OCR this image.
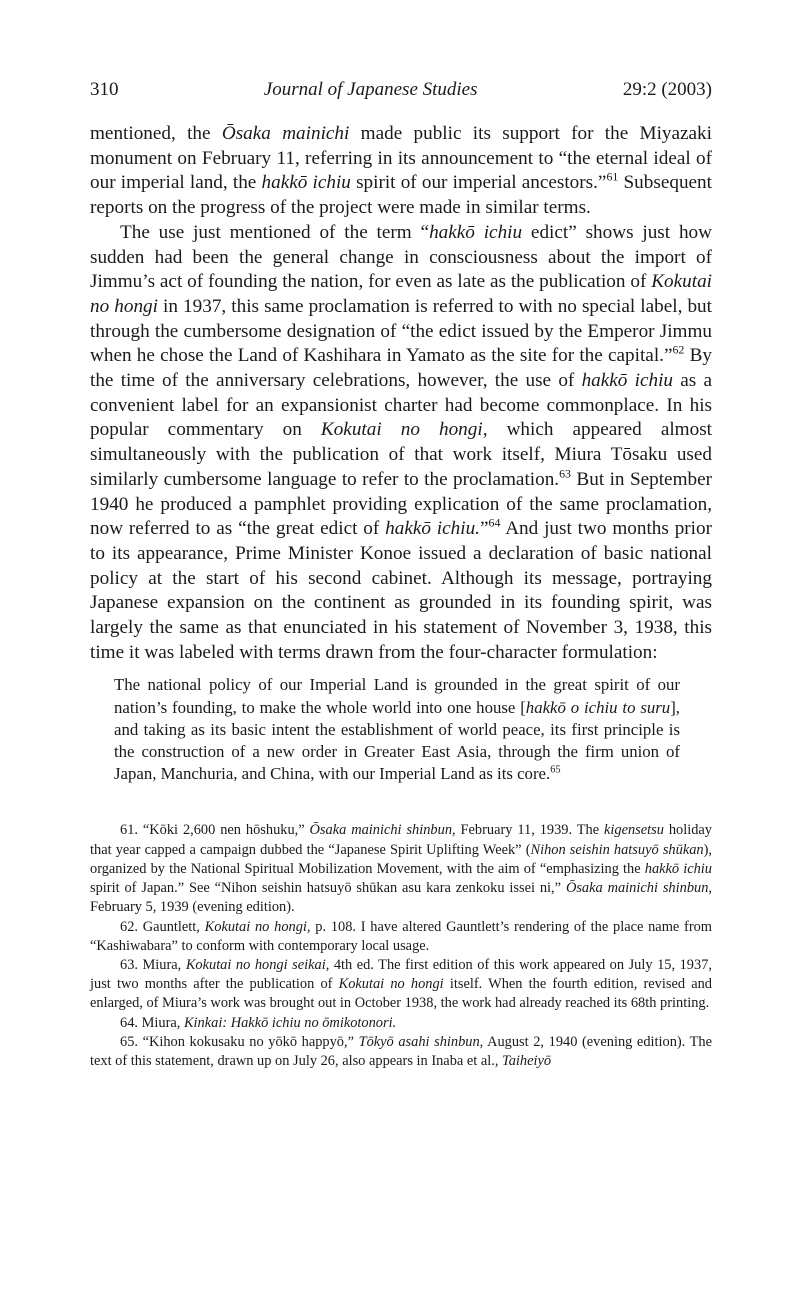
310	Journal of Japanese Studies	29:2 (2003)

mentioned, the Ōsaka mainichi made public its support for the Miyazaki monument on February 11, referring in its announcement to “the eternal ideal of our imperial land, the hakkō ichiu spirit of our imperial ancestors.”$^{61}$ Subsequent reports on the progress of the project were made in similar terms.

The use just mentioned of the term “hakkō ichiu edict” shows just how sudden had been the general change in consciousness about the import of Jimmu’s act of founding the nation, for even as late as the publication of Kokutai no hongi in 1937, this same proclamation is referred to with no special label, but through the cumbersome designation of “the edict issued by the Emperor Jimmu when he chose the Land of Kashihara in Yamato as the site for the capital.”$^{62}$ By the time of the anniversary celebrations, however, the use of hakkō ichiu as a convenient label for an expansionist charter had become commonplace. In his popular commentary on Kokutai no hongi, which appeared almost simultaneously with the publication of that work itself, Miura Tōsaku used similarly cumbersome language to refer to the proclamation.$^{63}$ But in September 1940 he produced a pamphlet providing explication of the same proclamation, now referred to as “the great edict of hakkō ichiu.”$^{64}$ And just two months prior to its appearance, Prime Minister Konoe issued a declaration of basic national policy at the start of his second cabinet. Although its message, portraying Japanese expansion on the continent as grounded in its founding spirit, was largely the same as that enunciated in his statement of November 3, 1938, this time it was labeled with terms drawn from the four-character formulation:

The national policy of our Imperial Land is grounded in the great spirit of our nation’s founding, to make the whole world into one house [hakkō o ichiu to suru], and taking as its basic intent the establishment of world peace, its first principle is the construction of a new order in Greater East Asia, through the firm union of Japan, Manchuria, and China, with our Imperial Land as its core.$^{65}$

61. “Kōki 2,600 nen hōshuku,” Ōsaka mainichi shinbun, February 11, 1939. The kigensetsu holiday that year capped a campaign dubbed the “Japanese Spirit Uplifting Week” (Nihon seishin hatsuyō shūkan), organized by the National Spiritual Mobilization Movement, with the aim of “emphasizing the hakkō ichiu spirit of Japan.” See “Nihon seishin hatsuyō shūkan asu kara zenkoku issei ni,” Ōsaka mainichi shinbun, February 5, 1939 (evening edition).

62. Gauntlett, Kokutai no hongi, p. 108. I have altered Gauntlett’s rendering of the place name from “Kashiwabara” to conform with contemporary local usage.

63. Miura, Kokutai no hongi seikai, 4th ed. The first edition of this work appeared on July 15, 1937, just two months after the publication of Kokutai no hongi itself. When the fourth edition, revised and enlarged, of Miura’s work was brought out in October 1938, the work had already reached its 68th printing.

64. Miura, Kinkai: Hakkō ichiu no ōmikotonori.

65. “Kihon kokusaku no yōkō happyō,” Tōkyō asahi shinbun, August 2, 1940 (evening edition). The text of this statement, drawn up on July 26, also appears in Inaba et al., Taiheiyō
